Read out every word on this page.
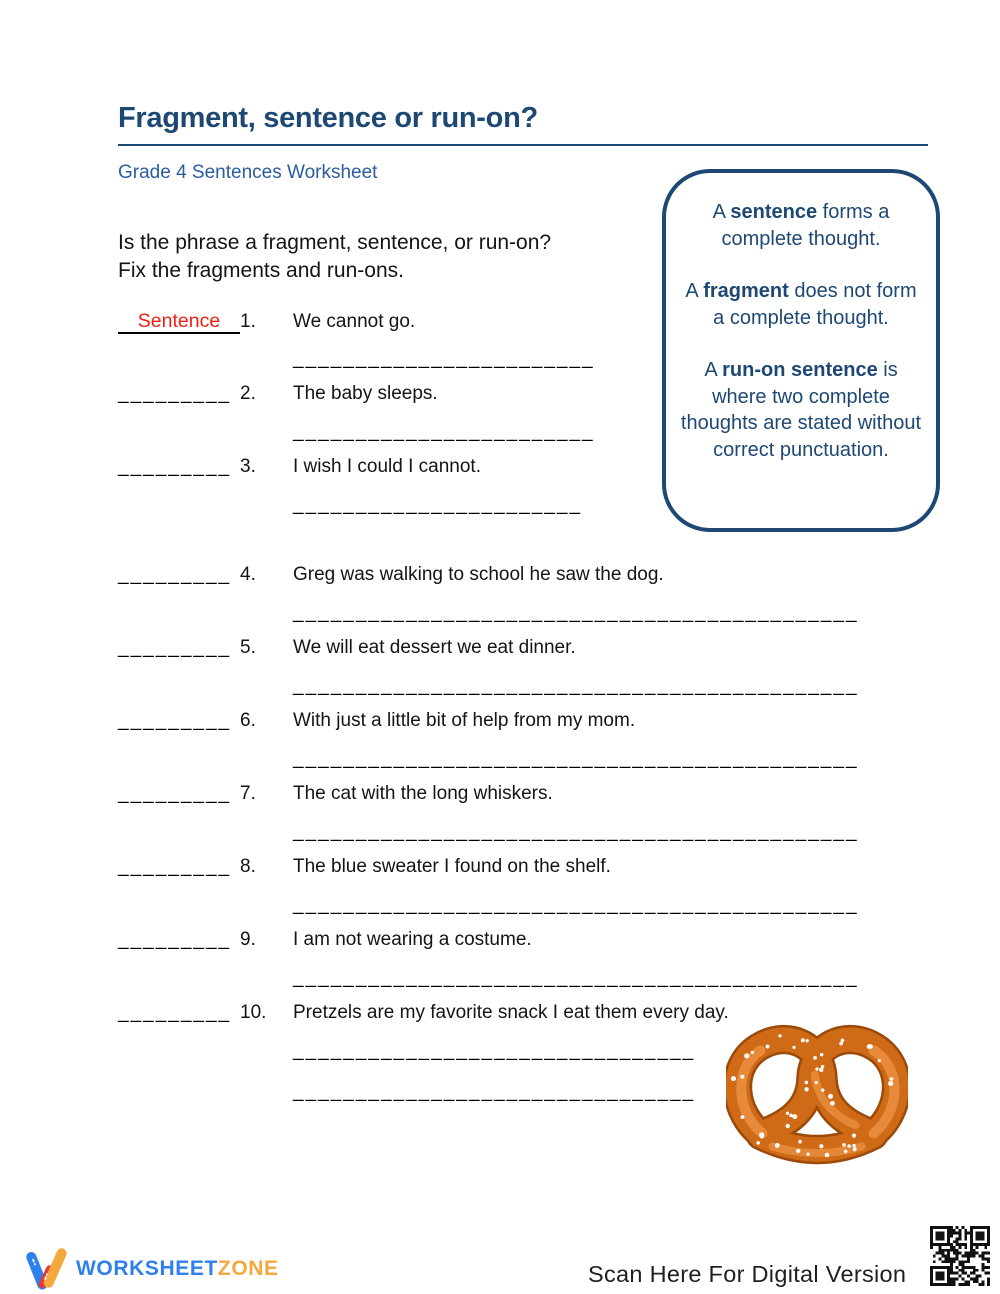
Fragment, sentence or run-on?
Grade 4 Sentences Worksheet
Is the phrase a fragment, sentence, or run-on?
Fix the fragments and run-ons.

A sentence forms a complete thought.

A fragment does not form a complete thought.

A run-on sentence is where two complete thoughts are stated without correct punctuation.

Sentence	1.	We cannot go.
________________________
_________ 2.	The baby sleeps.
________________________
_________ 3.	I wish I could I cannot.
_______________________
_________ 4.	Greg was walking to school he saw the dog.
_____________________________________________
_________ 5.	We will eat dessert we eat dinner.
_____________________________________________
_________ 6.	With just a little bit of help from my mom.
_____________________________________________
_________ 7.	The cat with the long whiskers.
_____________________________________________
_________ 8.	The blue sweater I found on the shelf.
_____________________________________________
_________ 9.	I am not wearing a costume.
_____________________________________________
_________ 10.	Pretzels are my favorite snack I eat them every day.
________________________________
________________________________
WORKSHEETZONE	Scan Here For Digital Version
